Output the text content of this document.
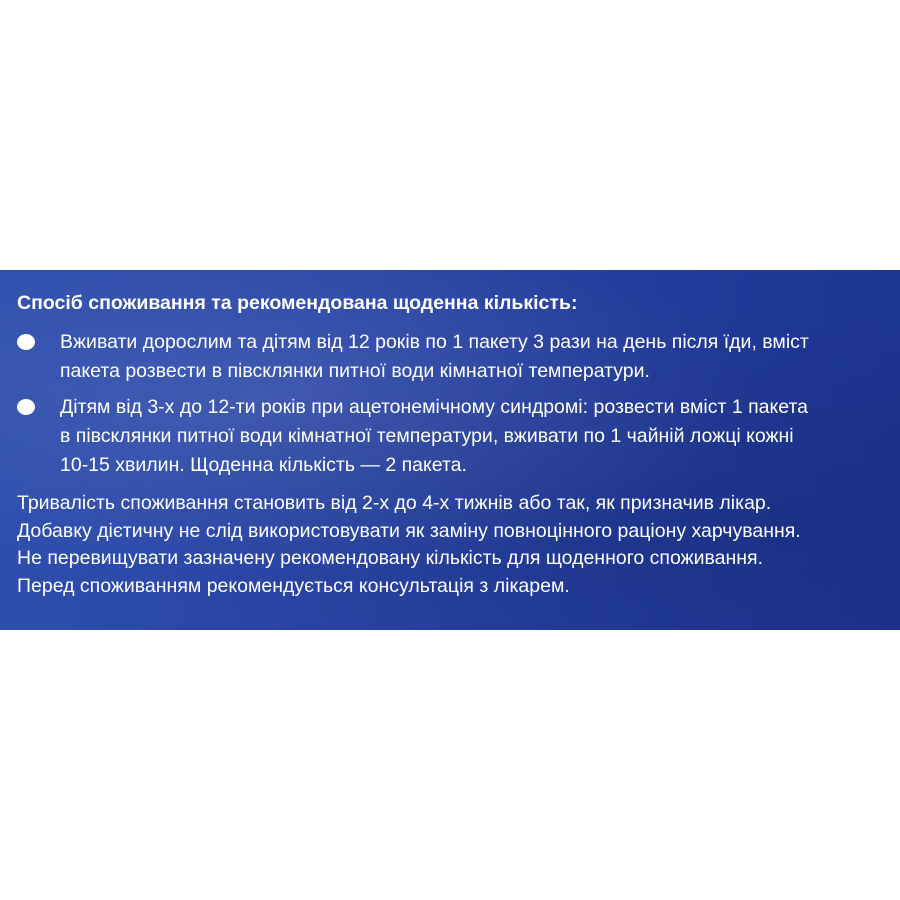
Спосіб споживання та рекомендована щоденна кількість:
Вживати дорослим та дітям від 12 років по 1 пакету 3 рази на день після їди, вміст
пакета розвести в півсклянки питної води кімнатної температури.
Дітям від 3-х до 12-ти років при ацетонемічному синдромі: розвести вміст 1 пакета
в півсклянки питної води кімнатної температури, вживати по 1 чайній ложці кожні
10-15 хвилин. Щоденна кількість — 2 пакета.

Тривалість споживання становить від 2-х до 4-х тижнів або так, як призначив лікар.
Добавку дієтичну не слід використовувати як заміну повноцінного раціону харчування.
Не перевищувати зазначену рекомендовану кількість для щоденного споживання.
Перед споживанням рекомендується консультація з лікарем.
